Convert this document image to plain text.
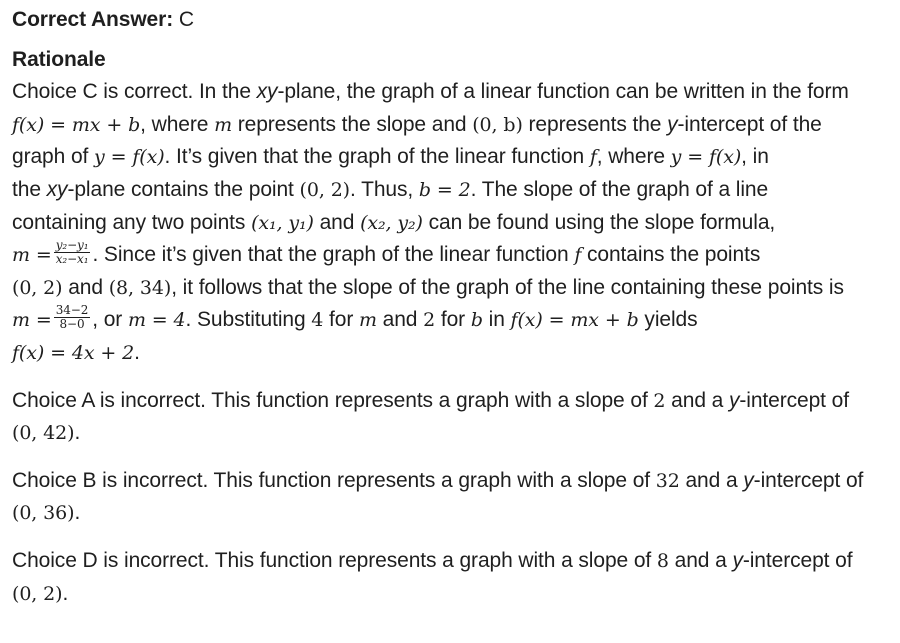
Correct Answer: C
Rationale
Choice C is correct. In the xy-plane, the graph of a linear function can be written in the form
f(x) = mx + b, where m represents the slope and (0, b) represents the y-intercept of the
graph of y = f(x). It’s given that the graph of the linear function f, where y = f(x), in
the xy-plane contains the point (0, 2). Thus, b = 2. The slope of the graph of a line
containing any two points (x₁, y₁) and (x₂, y₂) can be found using the slope formula,
$m = \frac{\text{y₂−y₁}}{\text{x₂−x₁}}$ . Since it’s given that the graph of the linear function f contains the points
(0, 2) and (8, 34), it follows that the slope of the graph of the line containing these points is
$m = \frac{34-2}{8-0}$ , or m = 4. Substituting 4 for m and 2 for b in f(x) = mx + b yields
f(x) = 4x + 2.
Choice A is incorrect. This function represents a graph with a slope of 2 and a y-intercept of
(0, 42).
Choice B is incorrect. This function represents a graph with a slope of 32 and a y-intercept of
(0, 36).
Choice D is incorrect. This function represents a graph with a slope of 8 and a y-intercept of
(0, 2).
